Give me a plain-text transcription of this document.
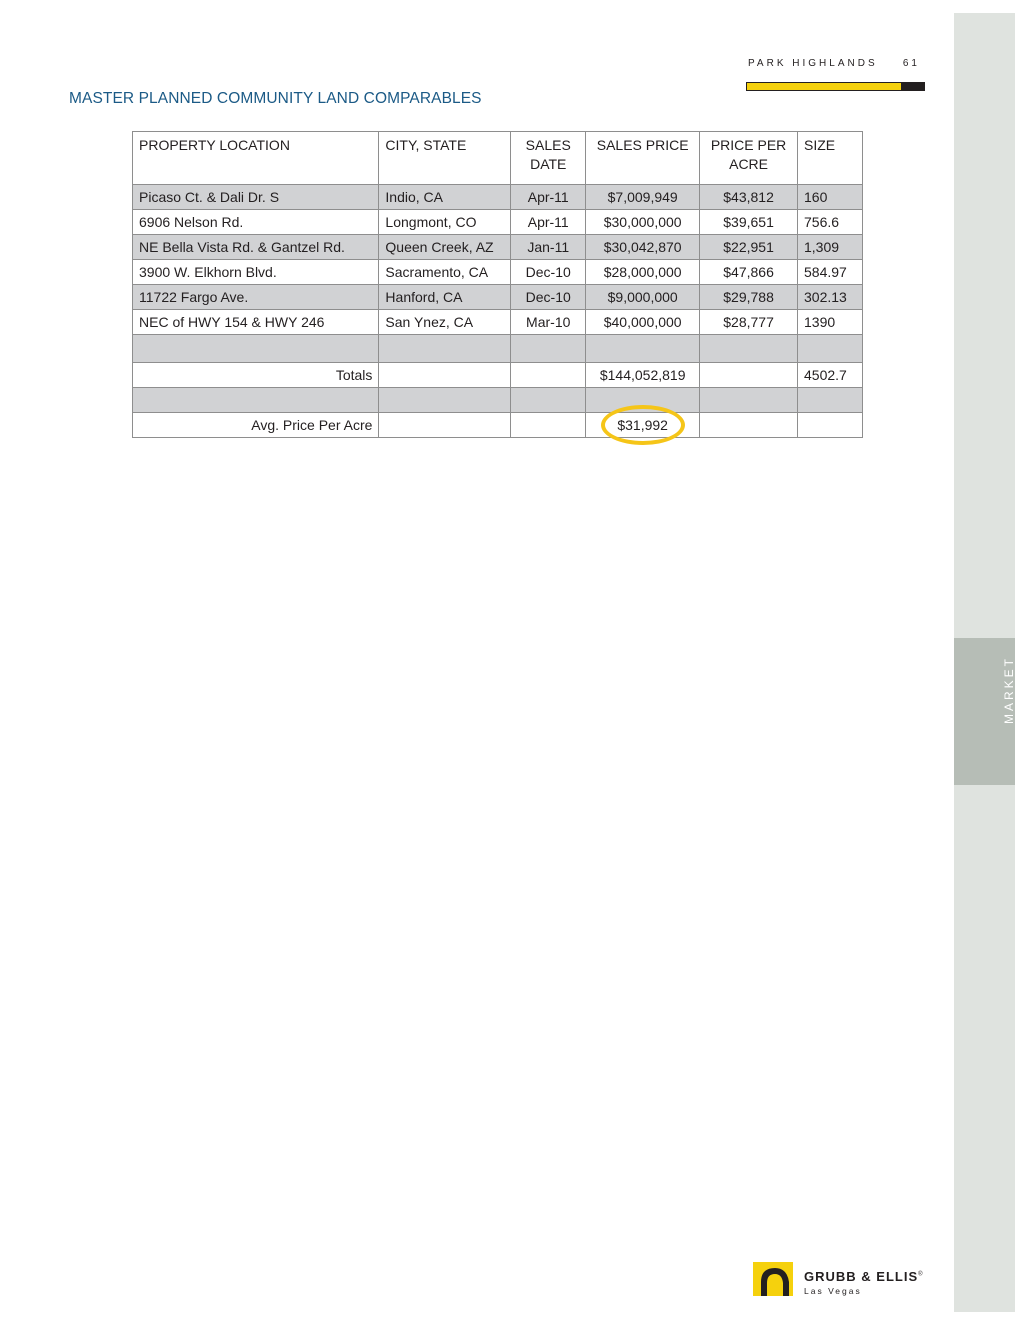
PARK HIGHLANDS	61
MASTER PLANNED COMMUNITY LAND COMPARABLES
PROPERTY LOCATION	CITY, STATE	SALES DATE	SALES PRICE	PRICE PER ACRE	SIZE
Picaso Ct. & Dali Dr. S	Indio, CA	Apr-11	$7,009,949	$43,812	160
6906 Nelson Rd.	Longmont, CO	Apr-11	$30,000,000	$39,651	756.6
NE Bella Vista Rd. & Gantzel Rd.	Queen Creek, AZ	Jan-11	$30,042,870	$22,951	1,309
3900 W. Elkhorn Blvd.	Sacramento, CA	Dec-10	$28,000,000	$47,866	584.97
11722 Fargo Ave.	Hanford, CA	Dec-10	$9,000,000	$29,788	302.13
NEC of HWY 154 & HWY 246	San Ynez, CA	Mar-10	$40,000,000	$28,777	1390

Totals			$144,052,819		4502.7

Avg. Price Per Acre			$31,992

MARKET INFORMATION
GRUBB & ELLIS®
Las Vegas
